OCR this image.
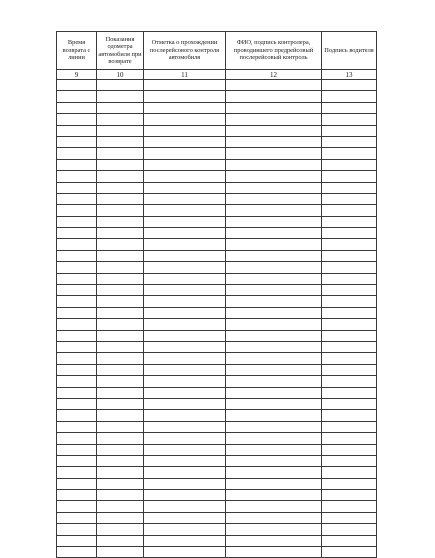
Время возврата с линии	Показания одометра автомобиля при возврате	Отметка о прохождении послерейсового контроля автомобиля	ФИО, подпись контролера, проводившего предрейсовый послерейсовый контроль	Подпись водителя
9	10	11	12	13
